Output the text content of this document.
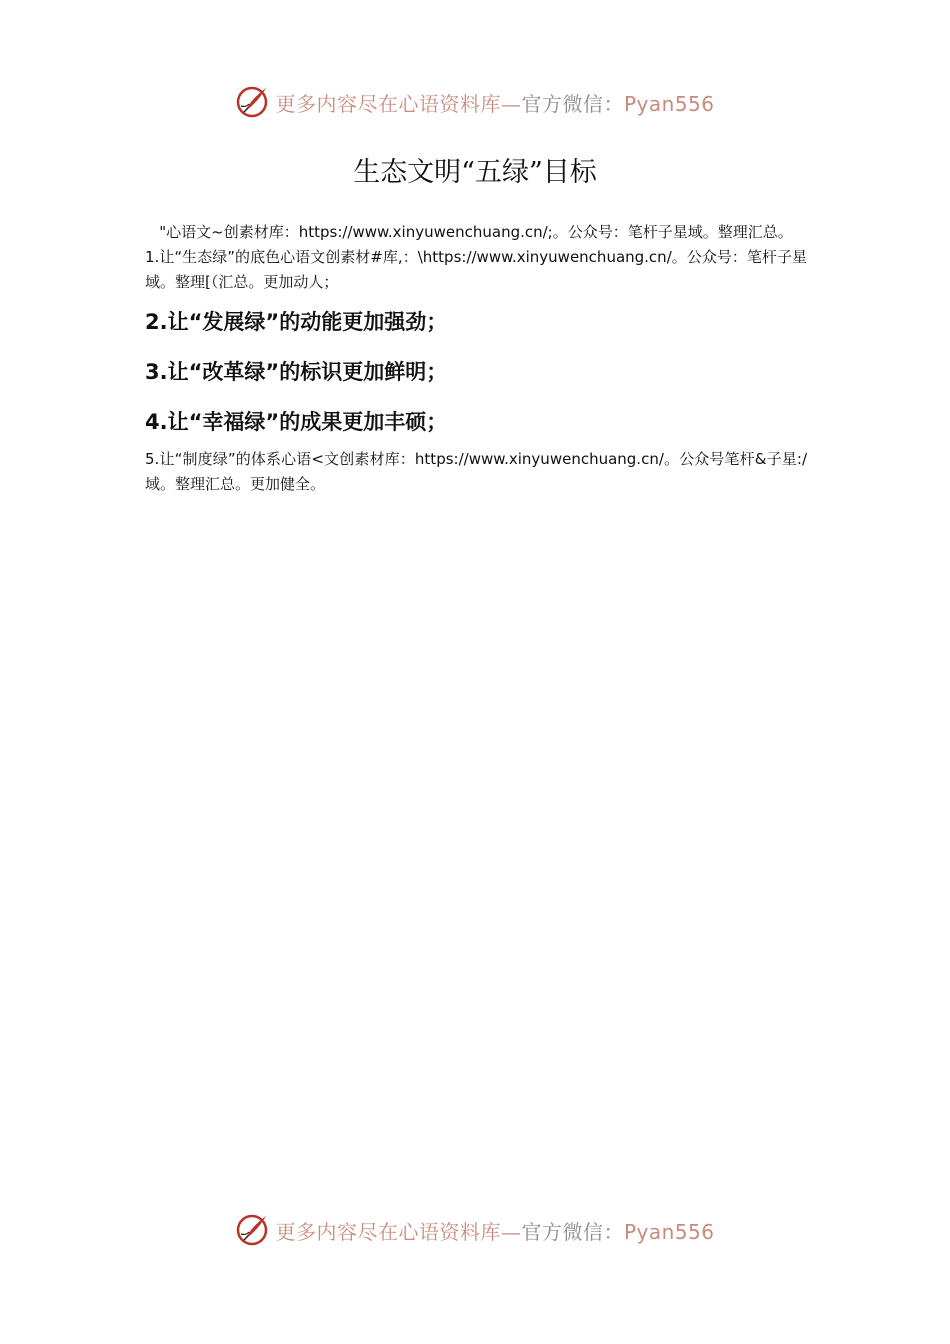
更多内容尽在心语资料库—官方微信：Pyan556
生态文明“五绿”目标

"心语文~创素材库：https://www.xinyuwenchuang.cn/;。公众号：笔杆子星域。整理汇总。

1.让“生态绿”的底色心语文创素材#库,：\https://www.xinyuwenchuang.cn/。公众号：笔杆子星域。整理[（汇总。更加动人；

2.让“发展绿”的动能更加强劲；

3.让“改革绿”的标识更加鲜明；

4.让“幸福绿”的成果更加丰硕；

5.让“制度绿”的体系心语<文创素材库：https://www.xinyuwenchuang.cn/。公众号笔杆&子星:/域。整理汇总。更加健全。

更多内容尽在心语资料库—官方微信：Pyan556
